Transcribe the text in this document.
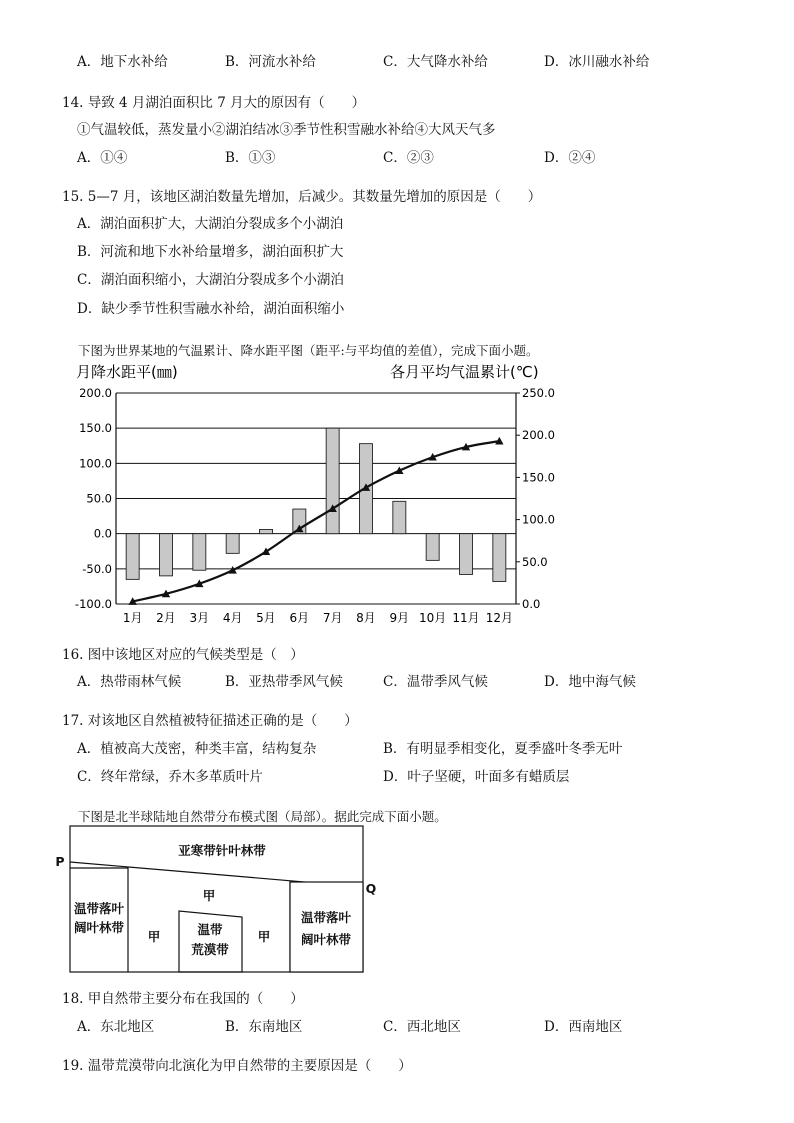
A．地下水补给	B．河流水补给	C．大气降水补给	D．冰川融水补给
14. 导致 4 月湖泊面积比 7 月大的原因有（　　）
①气温较低，蒸发量小②湖泊结冰③季节性积雪融水补给④大风天气多
A．①④	B．①③	C．②③	D．②④
15. 5—7 月，该地区湖泊数量先增加，后减少。其数量先增加的原因是（　　）
A．湖泊面积扩大，大湖泊分裂成多个小湖泊
B．河流和地下水补给量增多，湖泊面积扩大
C．湖泊面积缩小，大湖泊分裂成多个小湖泊
D．缺少季节性积雪融水补给，湖泊面积缩小
下图为世界某地的气温累计、降水距平图（距平:与平均值的差值），完成下面小题。
月降水距平(㎜)	各月平均气温累计(℃)
200.0
150.0
100.0
50.0
0.0
-50.0
-100.0
250.0
200.0
150.0
100.0
50.0
0.0
1月 2月 3月 4月 5月 6月 7月 8月 9月 10月 11月 12月
16. 图中该地区对应的气候类型是（　）
A．热带雨林气候	B．亚热带季风气候	C．温带季风气候	D．地中海气候
17. 对该地区自然植被特征描述正确的是（　　）
A．植被高大茂密，种类丰富，结构复杂	B．有明显季相变化，夏季盛叶冬季无叶
C．终年常绿，乔木多革质叶片	D．叶子坚硬，叶面多有蜡质层
下图是北半球陆地自然带分布模式图（局部）。据此完成下面小题。
P
Q
亚寒带针叶林带
温带落叶
阔叶林带
温带落叶
阔叶林带
甲
甲	甲
温带
荒漠带
18. 甲自然带主要分布在我国的（　　）
A．东北地区	B．东南地区	C．西北地区	D．西南地区
19. 温带荒漠带向北演化为甲自然带的主要原因是（　　）
